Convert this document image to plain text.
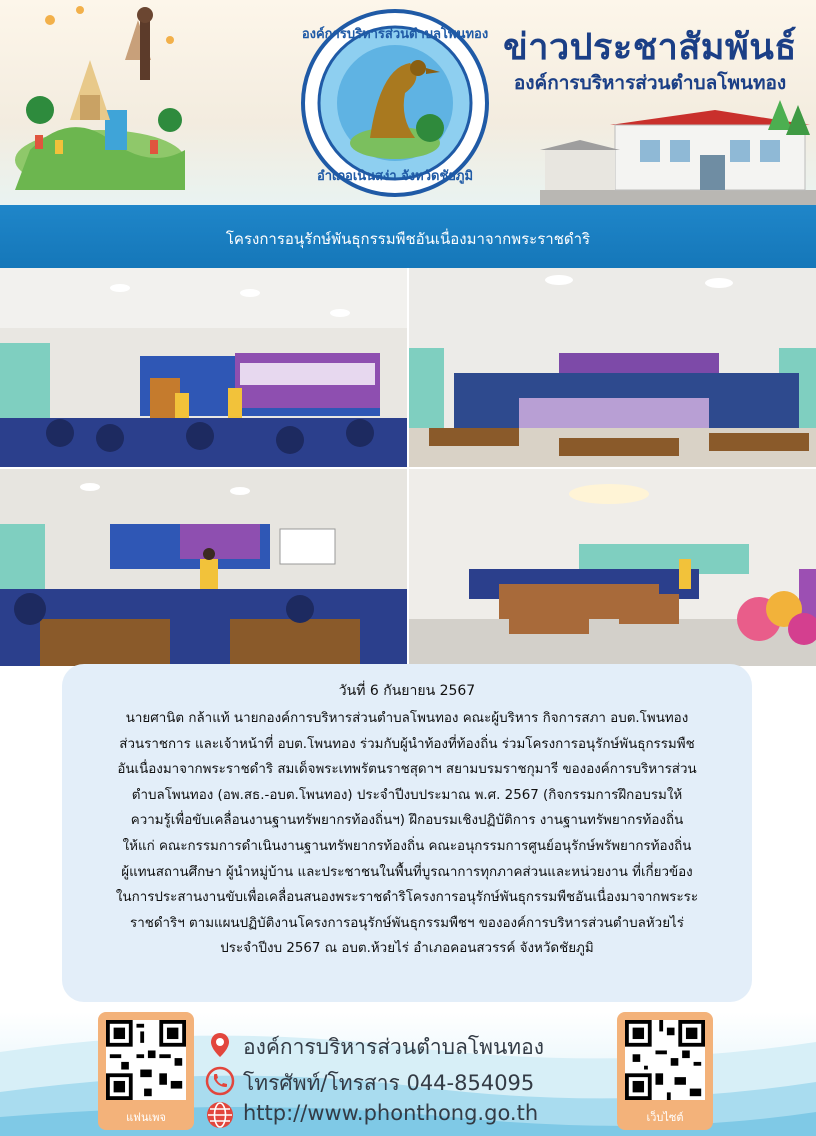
องค์การบริหารส่วนตำบลโพนทอง
อำเภอเนินสง่า จังหวัดชัยภูมิ
ข่าวประชาสัมพันธ์
องค์การบริหารส่วนตำบลโพนทอง
โครงการอนุรักษ์พันธุกรรมพืชอันเนื่องมาจากพระราชดำริ
วันที่ 6 กันยายน 2567
นายศานิต กล้าแท้ นายกองค์การบริหารส่วนตำบลโพนทอง คณะผู้บริหาร กิจการสภา อบต.โพนทอง
ส่วนราชการ และเจ้าหน้าที่ อบต.โพนทอง ร่วมกับผู้นำท้องที่ท้องถิ่น ร่วมโครงการอนุรักษ์พันธุกรรมพืช
อันเนื่องมาจากพระราชดำริ สมเด็จพระเทพรัตนราชสุดาฯ สยามบรมราชกุมารี ขององค์การบริหารส่วน
ตำบลโพนทอง (อพ.สธ.-อบต.โพนทอง) ประจำปีงบประมาณ พ.ศ. 2567 (กิจกรรมการฝึกอบรมให้
ความรู้เพื่อขับเคลื่อนงานฐานทรัพยากรท้องถิ่นฯ) ฝึกอบรมเชิงปฏิบัติการ งานฐานทรัพยากรท้องถิ่น
ให้แก่ คณะกรรมการดำเนินงานฐานทรัพยากรท้องถิ่น คณะอนุกรรมการศูนย์อนุรักษ์พรัพยากรท้องถิ่น
ผู้แทนสถานศึกษา ผู้นำหมู่บ้าน และประชาชนในพื้นที่บูรณาการทุกภาคส่วนและหน่วยงาน ที่เกี่ยวข้อง
ในการประสานงานขับเพื่อเคลื่อนสนองพระราชดำริโครงการอนุรักษ์พันธุกรรมพืชอันเนื่องมาจากพระระ
ราชดำริฯ ตามแผนปฏิบัติงานโครงการอนุรักษ์พันธุกรรมพืชฯ ขององค์การบริหารส่วนตำบลหัวยไร่
ประจำปีงบ 2567 ณ อบต.ห้วยไร่ อำเภอคอนสวรรค์ จังหวัดชัยภูมิ
แฟนเพจ	เว็บไซต์
องค์การบริหารส่วนตำบลโพนทอง
โทรศัพท์/โทรสาร 044-854095
http://www.phonthong.go.th
